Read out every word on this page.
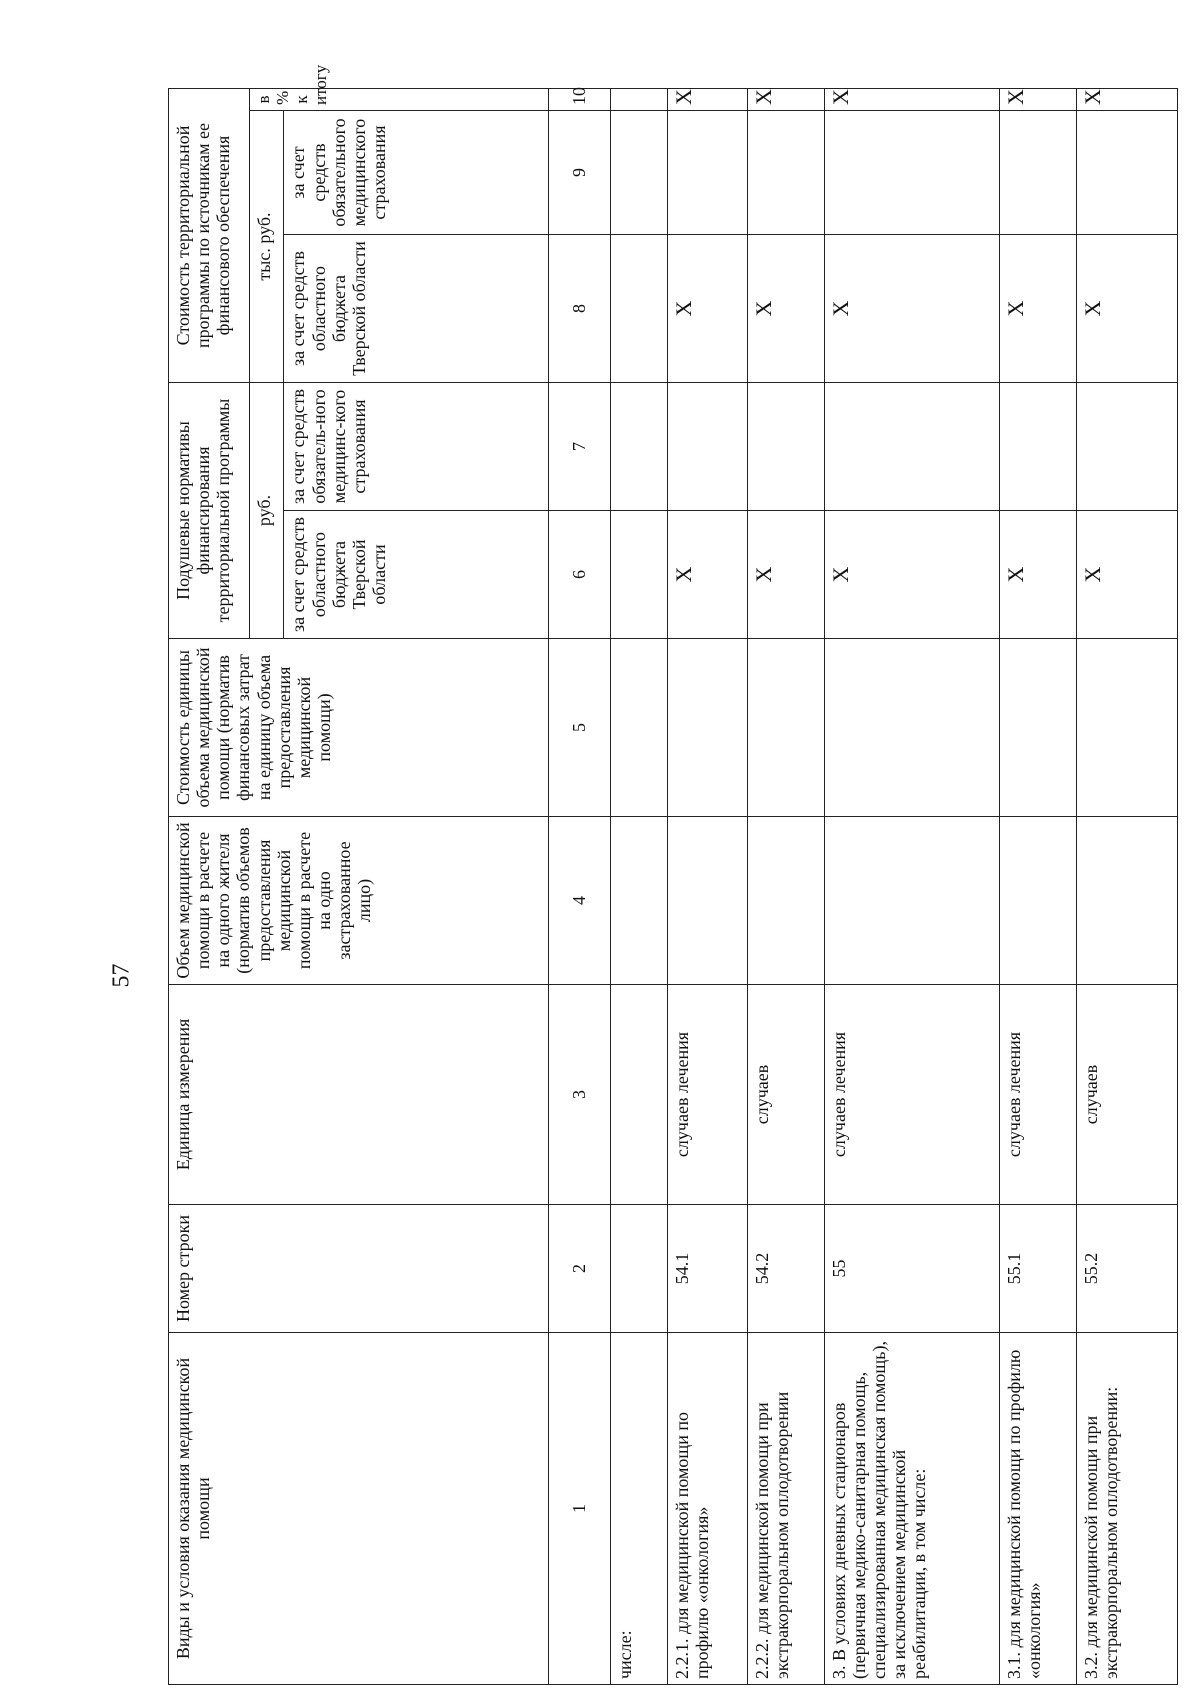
57
Виды и условия оказания медицинской помощи	Номер строки	Единица измерения	Объем медицинской помощи в расчете на одного жителя (норматив объемов предоставления медицинской помощи в расчете на одно застрахованное лицо)	Стоимость единицы объема медицинской помощи (норматив финансовых затрат на единицу объема предоставления медицинской помощи)	Подушевые нормативы финансирования территориальной программы		Стоимость территориальной программы по источникам ее финансового обеспечения		
					руб.		тыс. руб.		в % к итогу
					за счет средств областного бюджета Тверской области	за счет средств обязатель-ного медицинс-кого страхования	за счет средств областного бюджета Тверской области	за счет средств обязательного медицинского страхования	
1	2	3	4	5	6	7	8	9	10
числе:									
2.2.1. для медицинской помощи по профилю «онкология»	54.1	случаев лечения			X		X		X
2.2.2. для медицинской помощи при экстракорпоральном оплодотворении	54.2	случаев			X		X		X
3. В условиях дневных стационаров (первичная медико-санитарная помощь, специализированная медицинская помощь), за исключением медицинской реабилитации, в том числе:	55	случаев лечения			X		X		X
3.1. для медицинской помощи по профилю «онкология»	55.1	случаев лечения			X		X		X
3.2. для медицинской помощи при экстракорпоральном оплодотворении:	55.2	случаев			X		X		X
